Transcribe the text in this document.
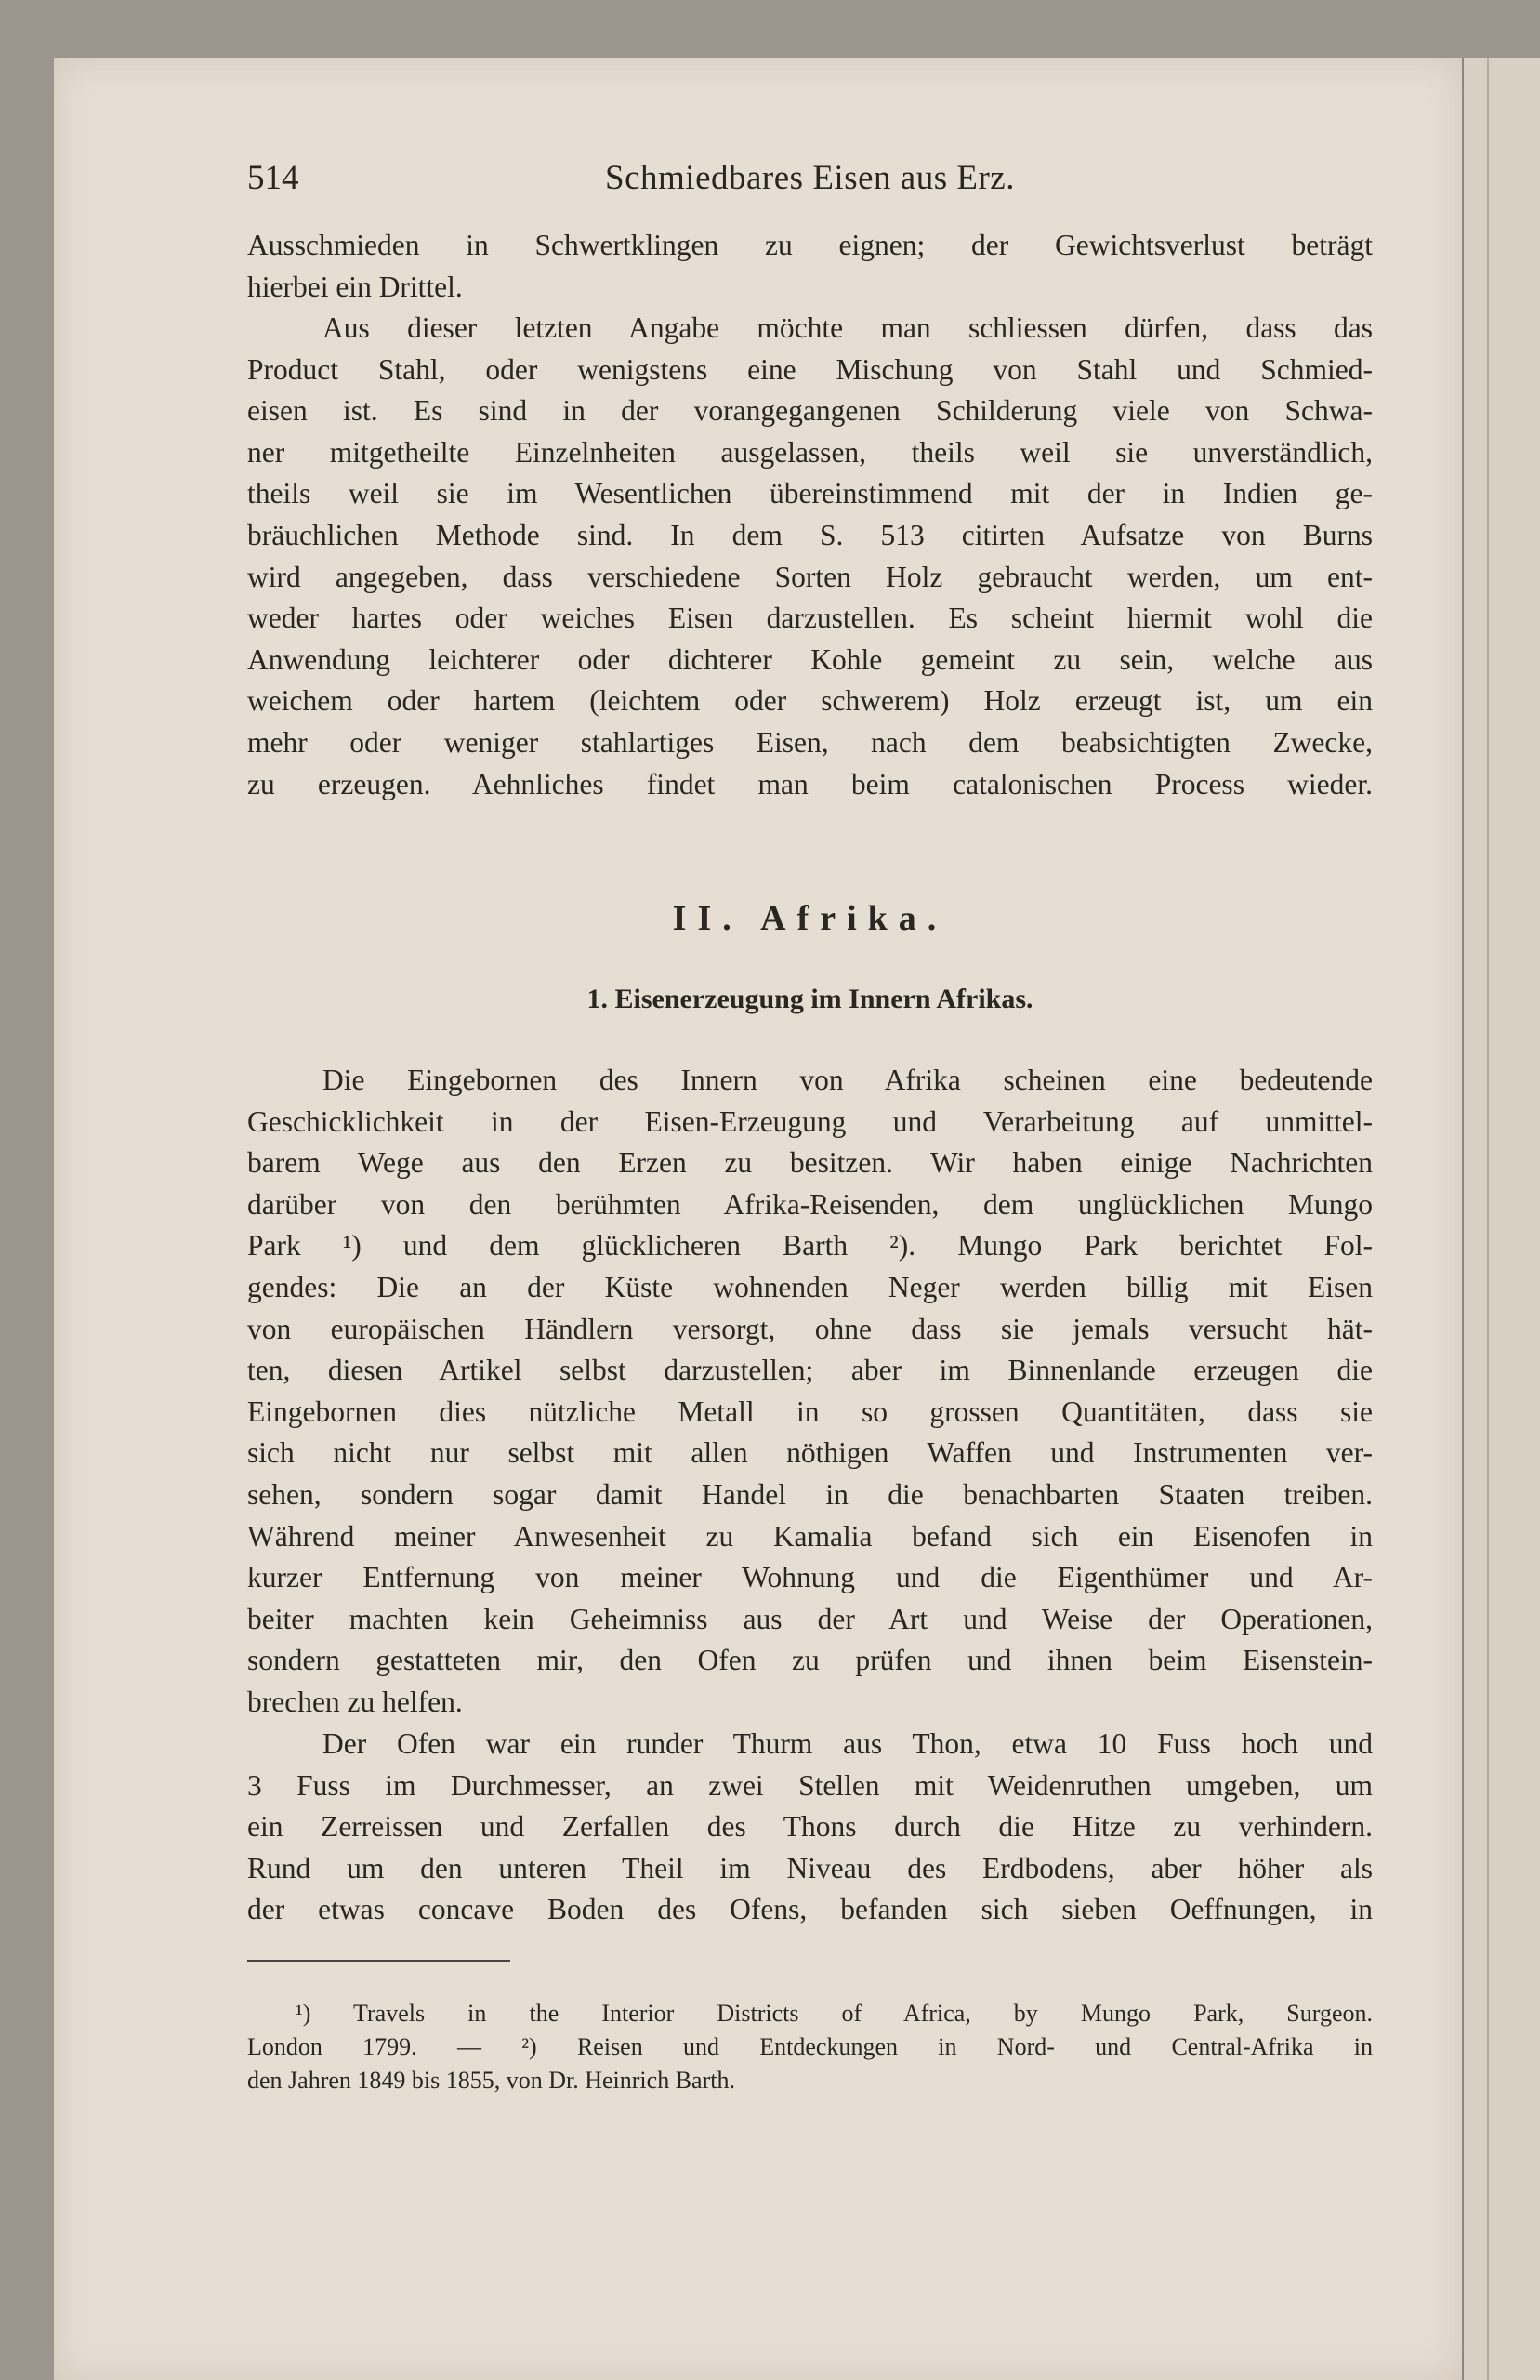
514	Schmiedbares Eisen aus Erz.
Ausschmieden in Schwertklingen zu eignen; der Gewichtsverlust beträgt
hierbei ein Drittel.
Aus dieser letzten Angabe möchte man schliessen dürfen, dass das
Product Stahl, oder wenigstens eine Mischung von Stahl und Schmied-
eisen ist. Es sind in der vorangegangenen Schilderung viele von Schwa-
ner mitgetheilte Einzelnheiten ausgelassen, theils weil sie unverständlich,
theils weil sie im Wesentlichen übereinstimmend mit der in Indien ge-
bräuchlichen Methode sind. In dem S. 513 citirten Aufsatze von Burns
wird angegeben, dass verschiedene Sorten Holz gebraucht werden, um ent-
weder hartes oder weiches Eisen darzustellen. Es scheint hiermit wohl die
Anwendung leichterer oder dichterer Kohle gemeint zu sein, welche aus
weichem oder hartem (leichtem oder schwerem) Holz erzeugt ist, um ein
mehr oder weniger stahlartiges Eisen, nach dem beabsichtigten Zwecke,
zu erzeugen. Aehnliches findet man beim catalonischen Process wieder.
II. Afrika.
1. Eisenerzeugung im Innern Afrikas.
Die Eingebornen des Innern von Afrika scheinen eine bedeutende
Geschicklichkeit in der Eisen-Erzeugung und Verarbeitung auf unmittel-
barem Wege aus den Erzen zu besitzen. Wir haben einige Nachrichten
darüber von den berühmten Afrika-Reisenden, dem unglücklichen Mungo
Park ¹) und dem glücklicheren Barth ²). Mungo Park berichtet Fol-
gendes: Die an der Küste wohnenden Neger werden billig mit Eisen
von europäischen Händlern versorgt, ohne dass sie jemals versucht hät-
ten, diesen Artikel selbst darzustellen; aber im Binnenlande erzeugen die
Eingebornen dies nützliche Metall in so grossen Quantitäten, dass sie
sich nicht nur selbst mit allen nöthigen Waffen und Instrumenten ver-
sehen, sondern sogar damit Handel in die benachbarten Staaten treiben.
Während meiner Anwesenheit zu Kamalia befand sich ein Eisenofen in
kurzer Entfernung von meiner Wohnung und die Eigenthümer und Ar-
beiter machten kein Geheimniss aus der Art und Weise der Operationen,
sondern gestatteten mir, den Ofen zu prüfen und ihnen beim Eisenstein-
brechen zu helfen.
Der Ofen war ein runder Thurm aus Thon, etwa 10 Fuss hoch und
3 Fuss im Durchmesser, an zwei Stellen mit Weidenruthen umgeben, um
ein Zerreissen und Zerfallen des Thons durch die Hitze zu verhindern.
Rund um den unteren Theil im Niveau des Erdbodens, aber höher als
der etwas concave Boden des Ofens, befanden sich sieben Oeffnungen, in
¹) Travels in the Interior Districts of Africa, by Mungo Park, Surgeon.
London 1799. — ²) Reisen und Entdeckungen in Nord- und Central-Afrika in
den Jahren 1849 bis 1855, von Dr. Heinrich Barth.
